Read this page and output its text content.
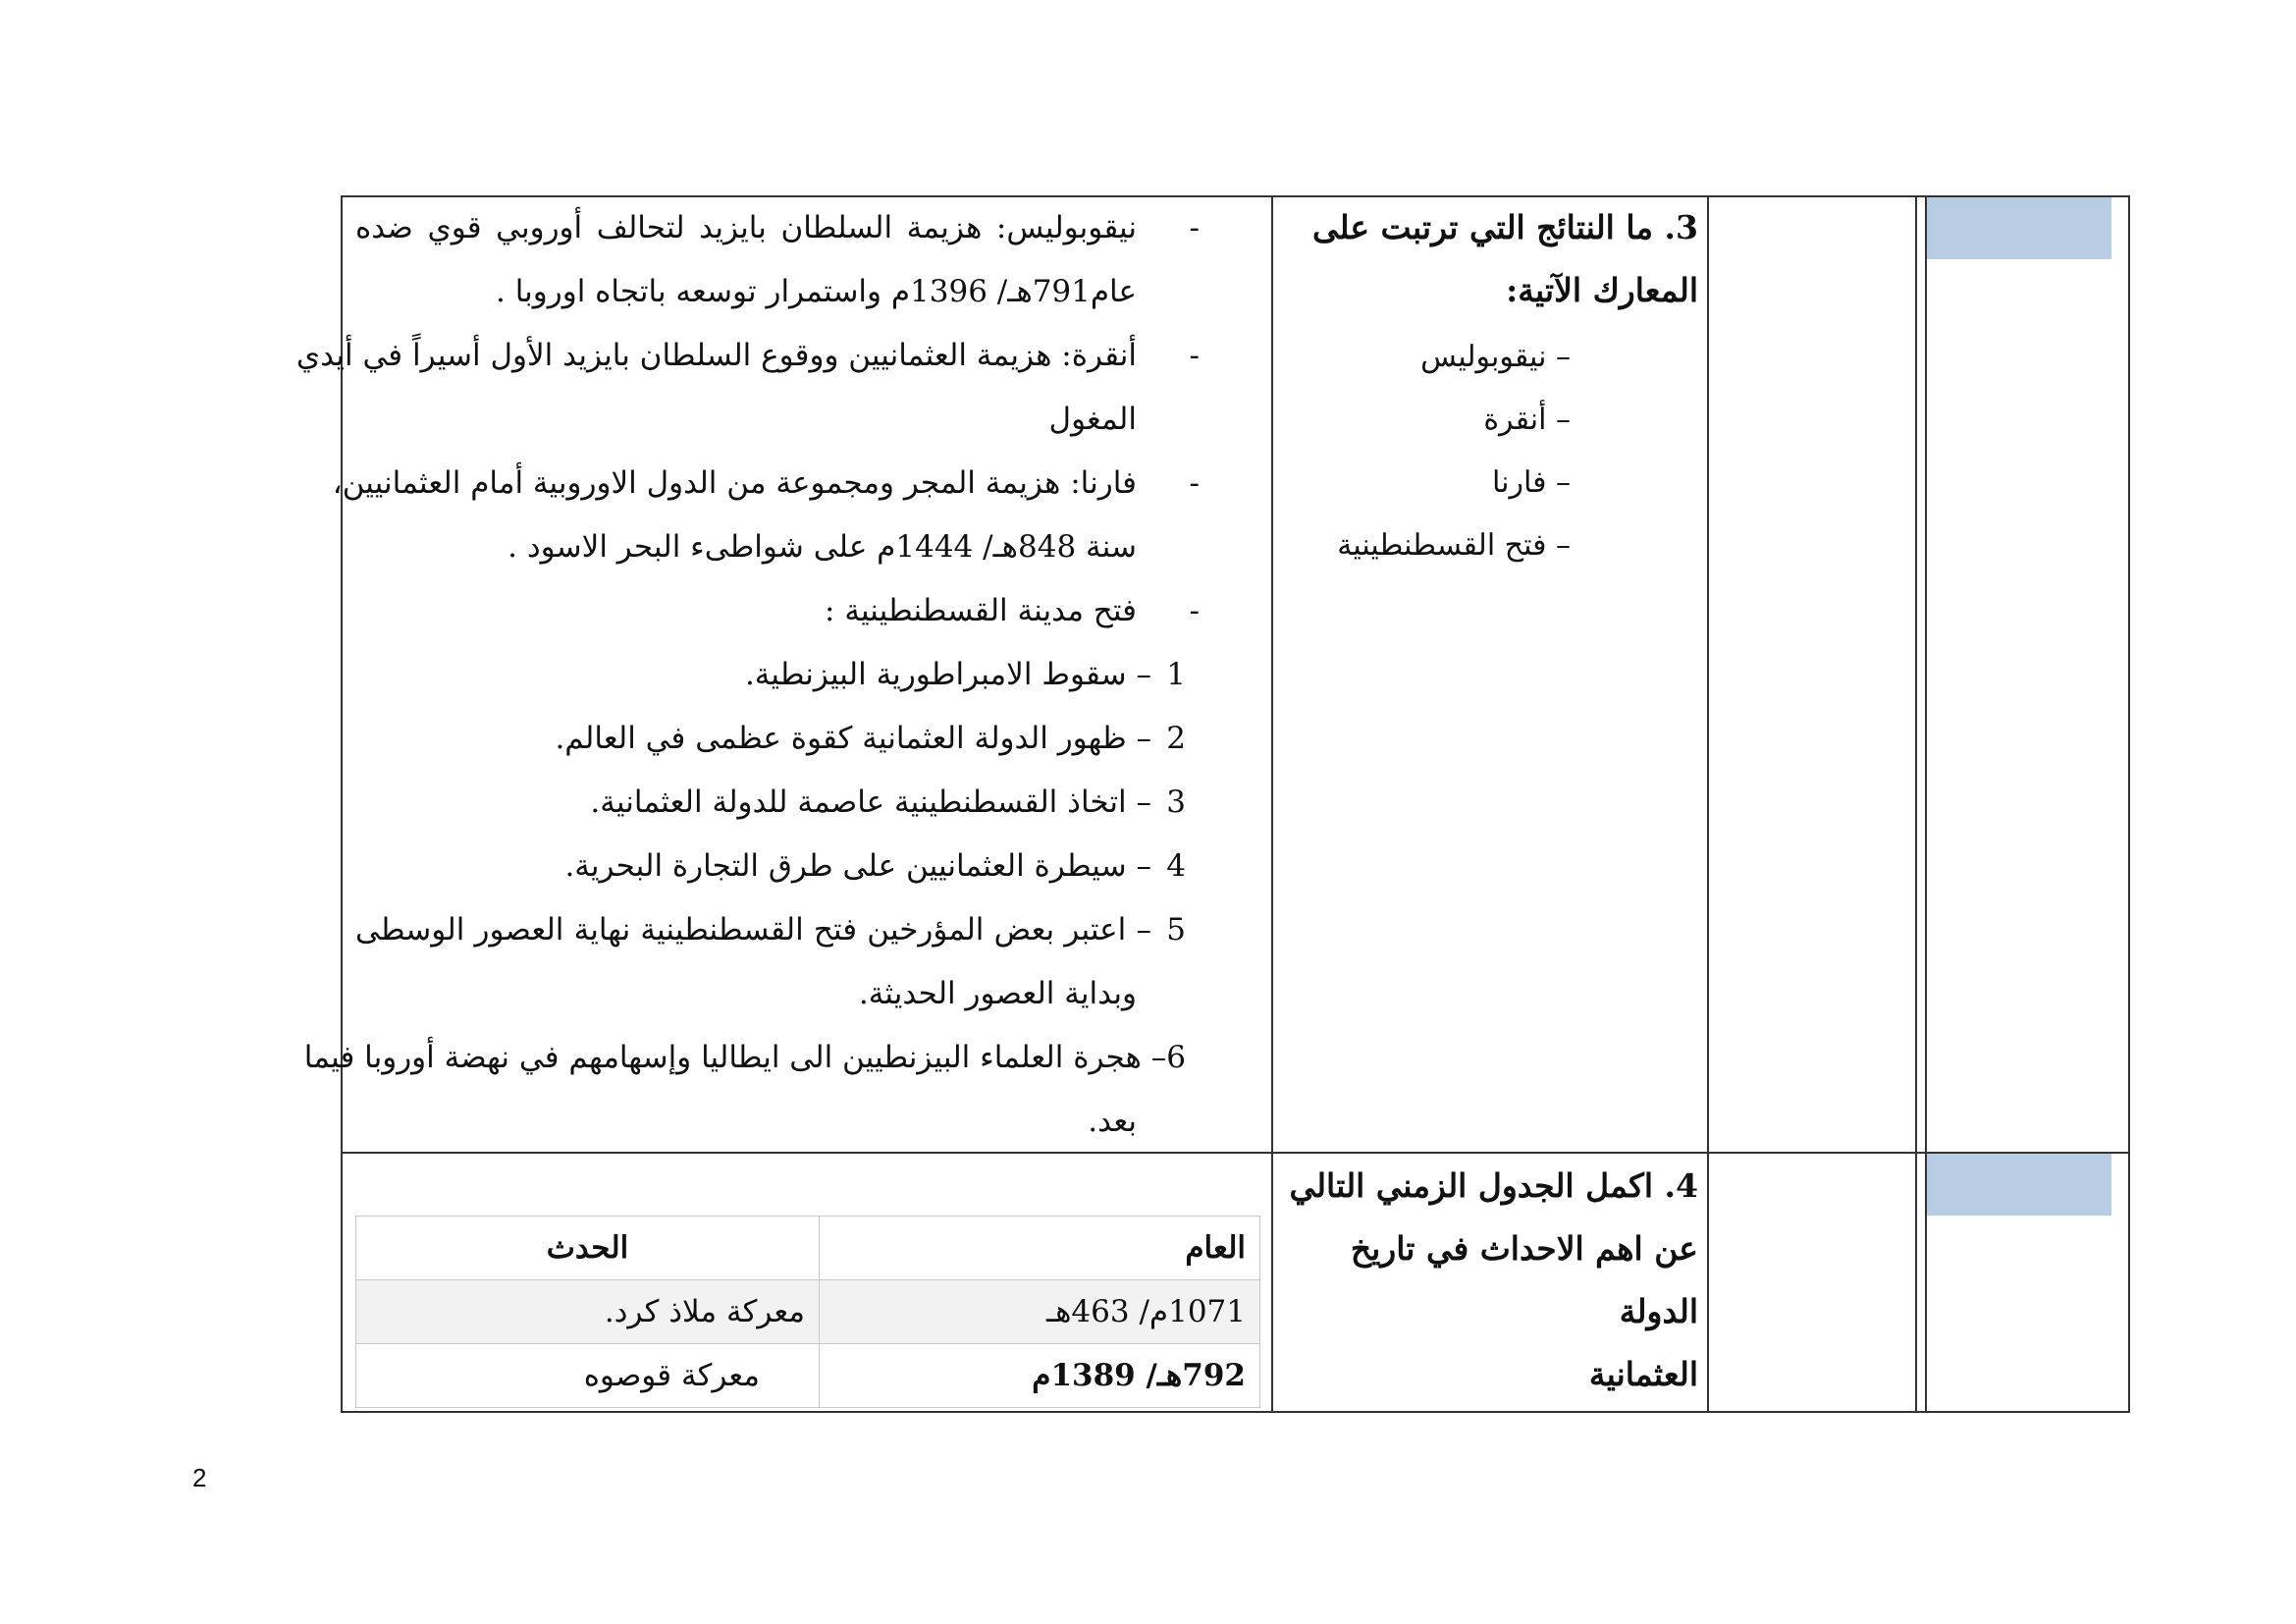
3. ما النتائج التي ترتبت على
المعارك الآتية:
– نيقوبوليس
– أنقرة
– فارنا
– فتح القسطنطينية
-
نيقوبوليس: هزيمة السلطان بايزيد لتحالف أوروبي قوي ضده
عام791هـ/ 1396م واستمرار توسعه باتجاه اوروبا .
-
أنقرة: هزيمة العثمانيين ووقوع السلطان بايزيد الأول أسيراً في أيدي
المغول
-
فارنا: هزيمة المجر ومجموعة من الدول الاوروبية أمام العثمانيين،
سنة 848هـ/ 1444م على شواطىء البحر الاسود .
-
فتح مدينة القسطنطينية :
1
– سقوط الامبراطورية البيزنطية.
2
– ظهور الدولة العثمانية كقوة عظمى في العالم.
3
– اتخاذ القسطنطينية عاصمة للدولة العثمانية.
4
– سيطرة العثمانيين على طرق التجارة البحرية.
5
– اعتبر بعض المؤرخين فتح القسطنطينية نهاية العصور الوسطى
وبداية العصور الحديثة.
6
– هجرة العلماء البيزنطيين الى ايطاليا وإسهامهم في نهضة أوروبا فيما
بعد.
4. اكمل الجدول الزمني التالي
عن اهم الاحداث في تاريخ الدولة
العثمانية
العام	الحدث
1071م/ 463هـ	معركة ملاذ كرد.
792هـ/ 1389م	معركة قوصوه
2
